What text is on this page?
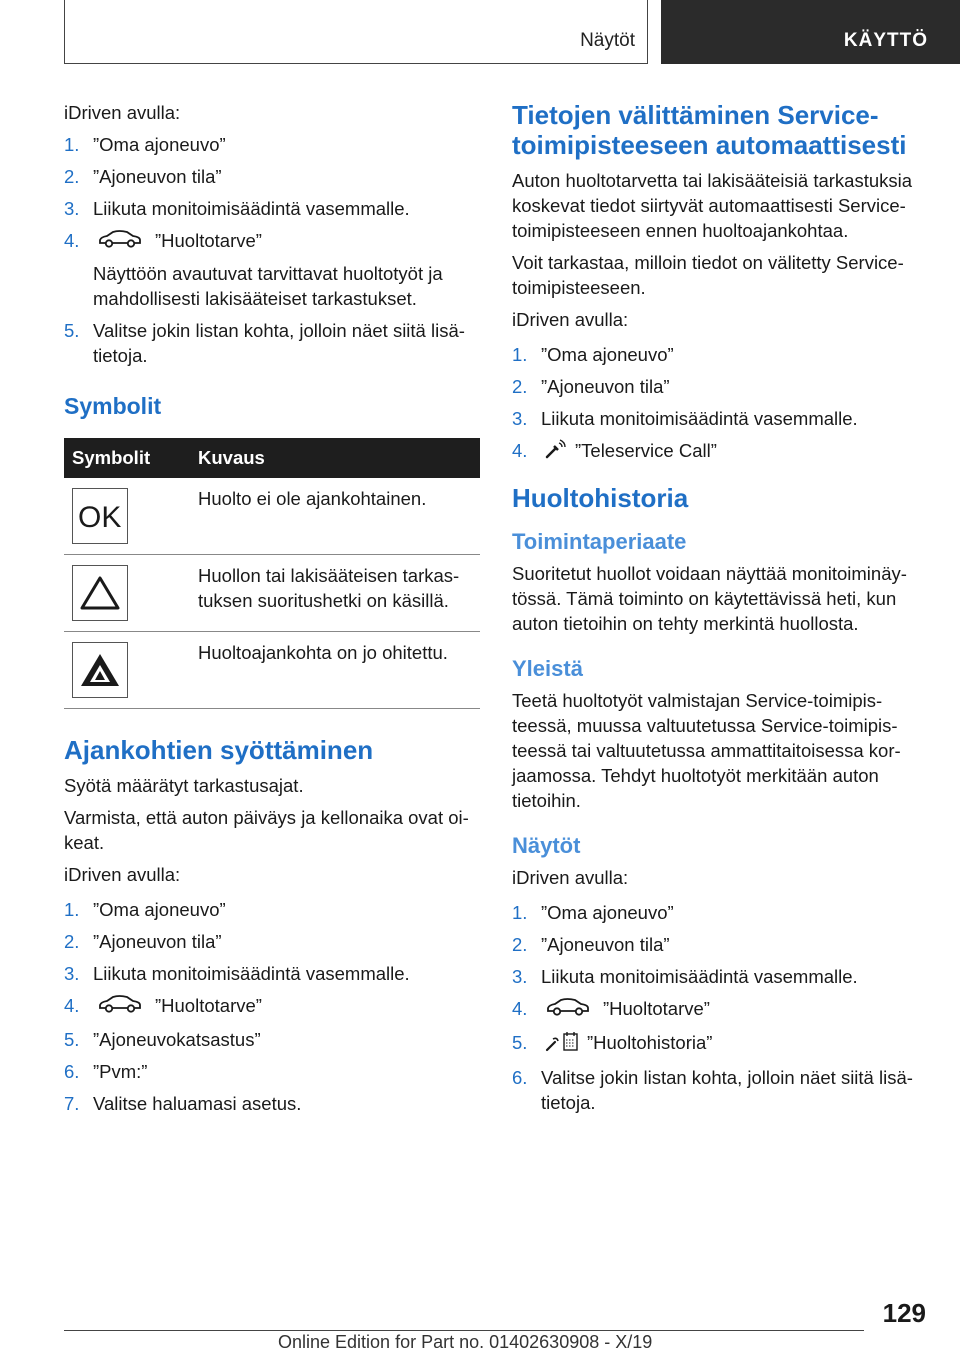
Näytöt	KÄYTTÖ

iDriven avulla:

1. ”Oma ajoneuvo”
2. ”Ajoneuvon tila”
3. Liikuta monitoimisäädintä vasemmalle.
4.	”Huoltotarve”
Näyttöön avautuvat tarvittavat huoltotyöt ja mahdollisesti lakisääteiset tarkastukset.
5. Valitse jokin listan kohta, jolloin näet siitä lisä-tietoja.
Symbolit
Symbolit	Kuvaus

OK	Huolto ei ole ajankohtainen.

	Huollon tai lakisääteisen tarkas-tuksen suoritushetki on käsillä.

	Huoltoajankohta on jo ohitettu.
Ajankohtien syöttäminen

Syötä määrätyt tarkastusajat.

Varmista, että auton päiväys ja kellonaika ovat oi-keat.

iDriven avulla:

1. ”Oma ajoneuvo”
2. ”Ajoneuvon tila”
3. Liikuta monitoimisäädintä vasemmalle.
4.	”Huoltotarve”
5. ”Ajoneuvokatsastus”
6. ”Pvm:”
7. Valitse haluamasi asetus.
Tietojen välittäminen Service-toimipisteeseen automaattisesti

Auton huoltotarvetta tai lakisääteisiä tarkastuksia koskevat tiedot siirtyvät automaattisesti Service-toimipisteeseen ennen huoltoajankohtaa.

Voit tarkastaa, milloin tiedot on välitetty Service-toimipisteeseen.

iDriven avulla:

1. ”Oma ajoneuvo”
2. ”Ajoneuvon tila”
3. Liikuta monitoimisäädintä vasemmalle.
4.	”Teleservice Call”
Huoltohistoria
Toimintaperiaate

Suoritetut huollot voidaan näyttää monitoiminäy-tössä. Tämä toiminto on käytettävissä heti, kun auton tietoihin on tehty merkintä huollosta.

Yleistä

Teetä huoltotyöt valmistajan Service-toimipis-teessä, muussa valtuutetussa Service-toimipis-teessä tai valtuutetussa ammattitaitoisessa kor-jaamossa. Tehdyt huoltotyöt merkitään auton tietoihin.

Näytöt

iDriven avulla:

1. ”Oma ajoneuvo”
2. ”Ajoneuvon tila”
3. Liikuta monitoimisäädintä vasemmalle.
4.	”Huoltotarve”
5.	”Huoltohistoria”
6. Valitse jokin listan kohta, jolloin näet siitä lisä-tietoja.
129
Online Edition for Part no. 01402630908 - X/19
